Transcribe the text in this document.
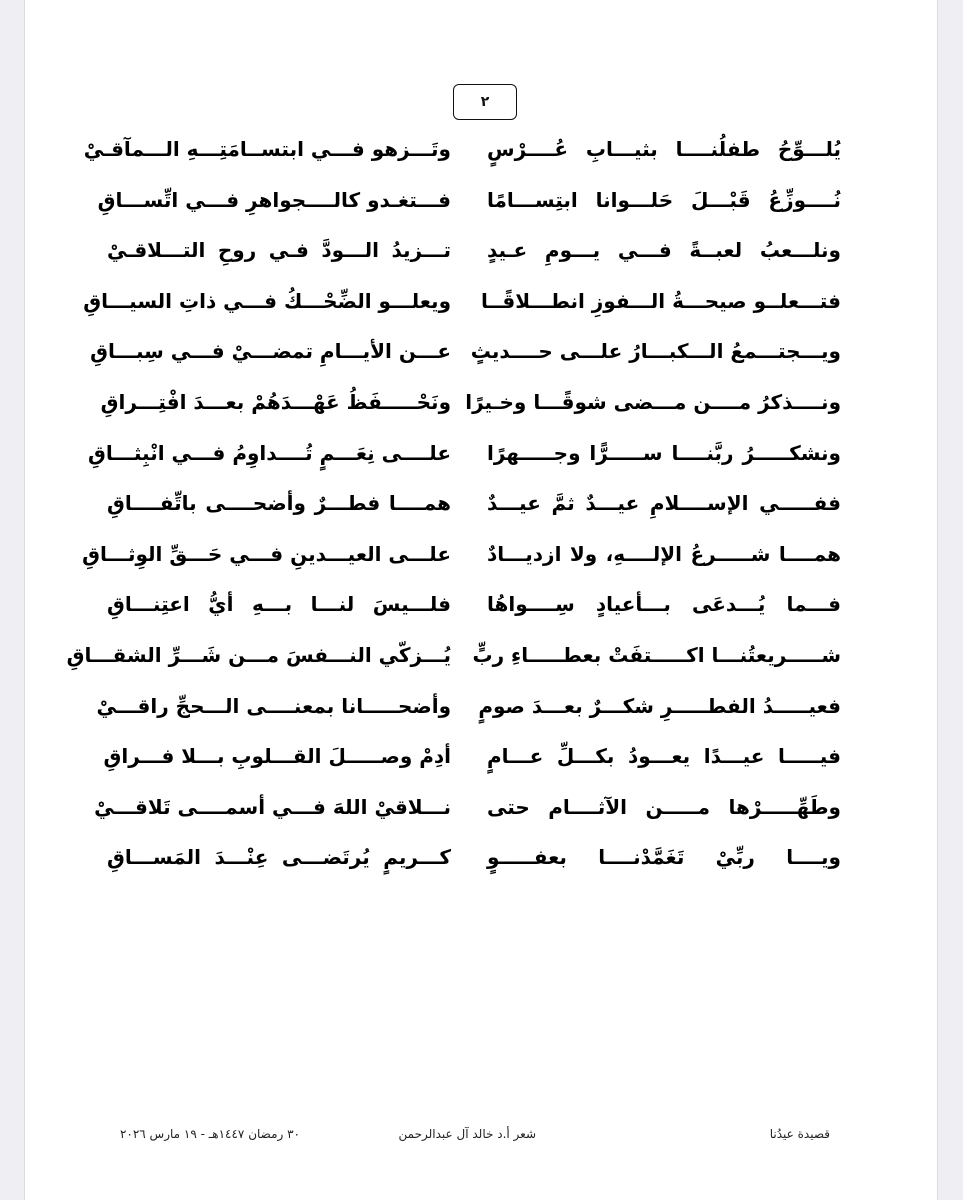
٢
يُلـــوِّحُ طفلُنــــا بثيـــابِ عُــــرْسٍ
وتَـــزهو فـــي ابتســامَتِـــهِ الـــمآقـيْ
نُــــوزِّعُ قَبْـــلَ حَلـــوانا ابتِســـامًا
فـــتغـدو كالــــجواهرِ فـــي اتِّســـاقِ
ونلـــعبُ لعبــةً فـــي يـــومِ عـيدٍ
تـــزيدُ الـــودَّ فـي روحِ التـــلاقـيْ
فتـــعلــو صيحـــةُ الـــفوزِ انطـــلاقًــا
ويعلـــو الضِّحْـــكُ فـــي ذاتِ السيـــاقِ
ويـــجتـــمعُ الـــكبـــارُ علـــى حــــديثٍ
عـــن الأيـــامِ تمضـــيْ فـــي سِبـــاقِ
ونــــذكرُ مــــن مـــضى شوقًـــا وخـيرًا
ونَحْـــــفَظُ عَهْـــدَهُمْ بعـــدَ افْتِـــراقِ
ونشكـــــرُ ربَّنــــا ســـــرًّا وجـــــهرًا
علــــى نِعَـــمٍ تُــــداوِمُ فـــي انْبِثـــاقِ
ففـــــي الإســــلامِ عيـــدٌ ثمَّ عيـــدٌ
همــــا فطـــرٌ وأضحــــى باتِّفــــاقِ
همــــا شـــــرعُ الإلــــهِ، ولا ازديـــادٌ
علـــى العيـــدينِ فـــي حَـــقِّ الوِثـــاقِ
فـــما يُـــدعَى بـــأعيادٍ سِــــواهُا
فلـــيسَ لنـــا بـــهِ أيُّ اعتِنـــاقِ
شـــــريعتُنـــا اكـــــتفَتْ بعطـــــاءِ ربٍّ
يُـــزكّي النـــفسَ مـــن شَـــرِّ الشقـــاقِ
فعيـــــدُ الفطـــــرِ شكـــرٌ بعـــدَ صومٍ
وأضحـــــانا بمعنــــى الـــحجِّ راقـــيْ
فيـــــا عيـــدًا يعـــودُ بكـــلِّ عـــامٍ
أدِمْ وصـــــلَ القـــلوبِ بـــلا فـــراقِ
وطَهِّـــــرْها مـــــن الآثــــام حتى
نـــلاقيْ اللهَ فـــي أسمــــى تَلاقـــيْ
ويــــا ربِّيْ تَغَمَّدْنــــا بعفـــــوٍ
كـــريمٍ يُرتَضـــى عِنْـــدَ المَســـاقِ
قصيدة عيدُنا
شعر أ.د خالد آل عبدالرحمن
٣٠ رمضان ١٤٤٧هـ - ١٩ مارس ٢٠٢٦
